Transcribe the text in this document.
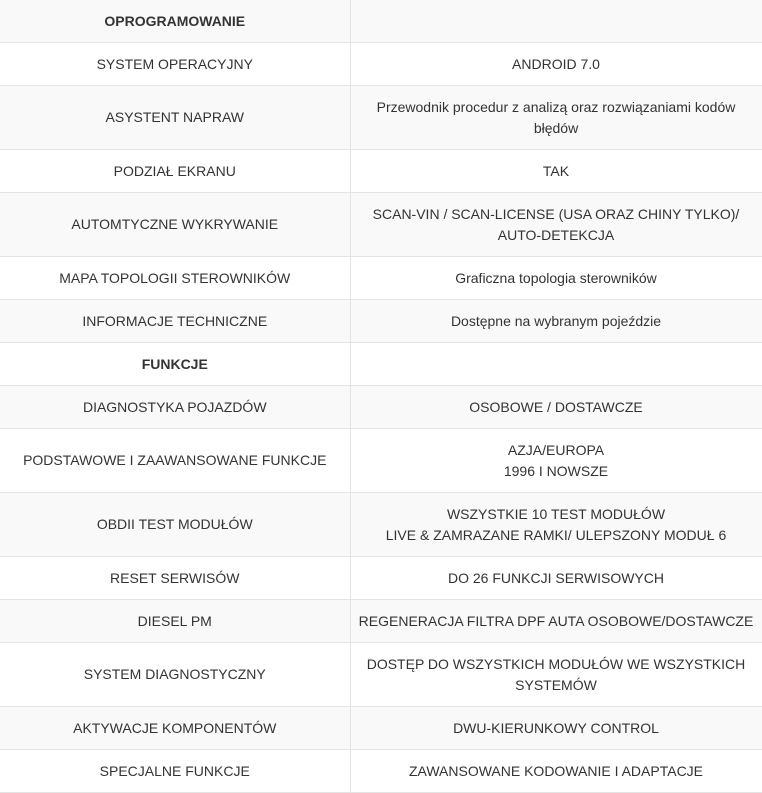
OPROGRAMOWANIE	
SYSTEM OPERACYJNY	ANDROID 7.0
ASYSTENT NAPRAW	Przewodnik procedur z analizą oraz rozwiązaniami kodów błędów
PODZIAŁ EKRANU	TAK
AUTOMTYCZNE WYKRYWANIE	SCAN-VIN / SCAN-LICENSE (USA ORAZ CHINY TYLKO)/ AUTO-DETEKCJA
MAPA TOPOLOGII STEROWNIKÓW	Graficzna topologia sterowników
INFORMACJE TECHNICZNE	Dostępne na wybranym pojeździe
FUNKCJE	
DIAGNOSTYKA POJAZDÓW	OSOBOWE / DOSTAWCZE
PODSTAWOWE I ZAAWANSOWANE FUNKCJE	AZJA/EUROPA
1996 I NOWSZE
OBDII TEST MODUŁÓW	WSZYSTKIE 10 TEST MODUŁÓW
LIVE & ZAMRAZANE RAMKI/ ULEPSZONY MODUŁ 6
RESET SERWISÓW	DO 26 FUNKCJI SERWISOWYCH
DIESEL PM	REGENERACJA FILTRA DPF AUTA OSOBOWE/DOSTAWCZE
SYSTEM DIAGNOSTYCZNY	DOSTĘP DO WSZYSTKICH MODUŁÓW WE WSZYSTKICH SYSTEMÓW
AKTYWACJE KOMPONENTÓW	DWU-KIERUNKOWY CONTROL
SPECJALNE FUNKCJE	ZAWANSOWANE KODOWANIE I ADAPTACJE
